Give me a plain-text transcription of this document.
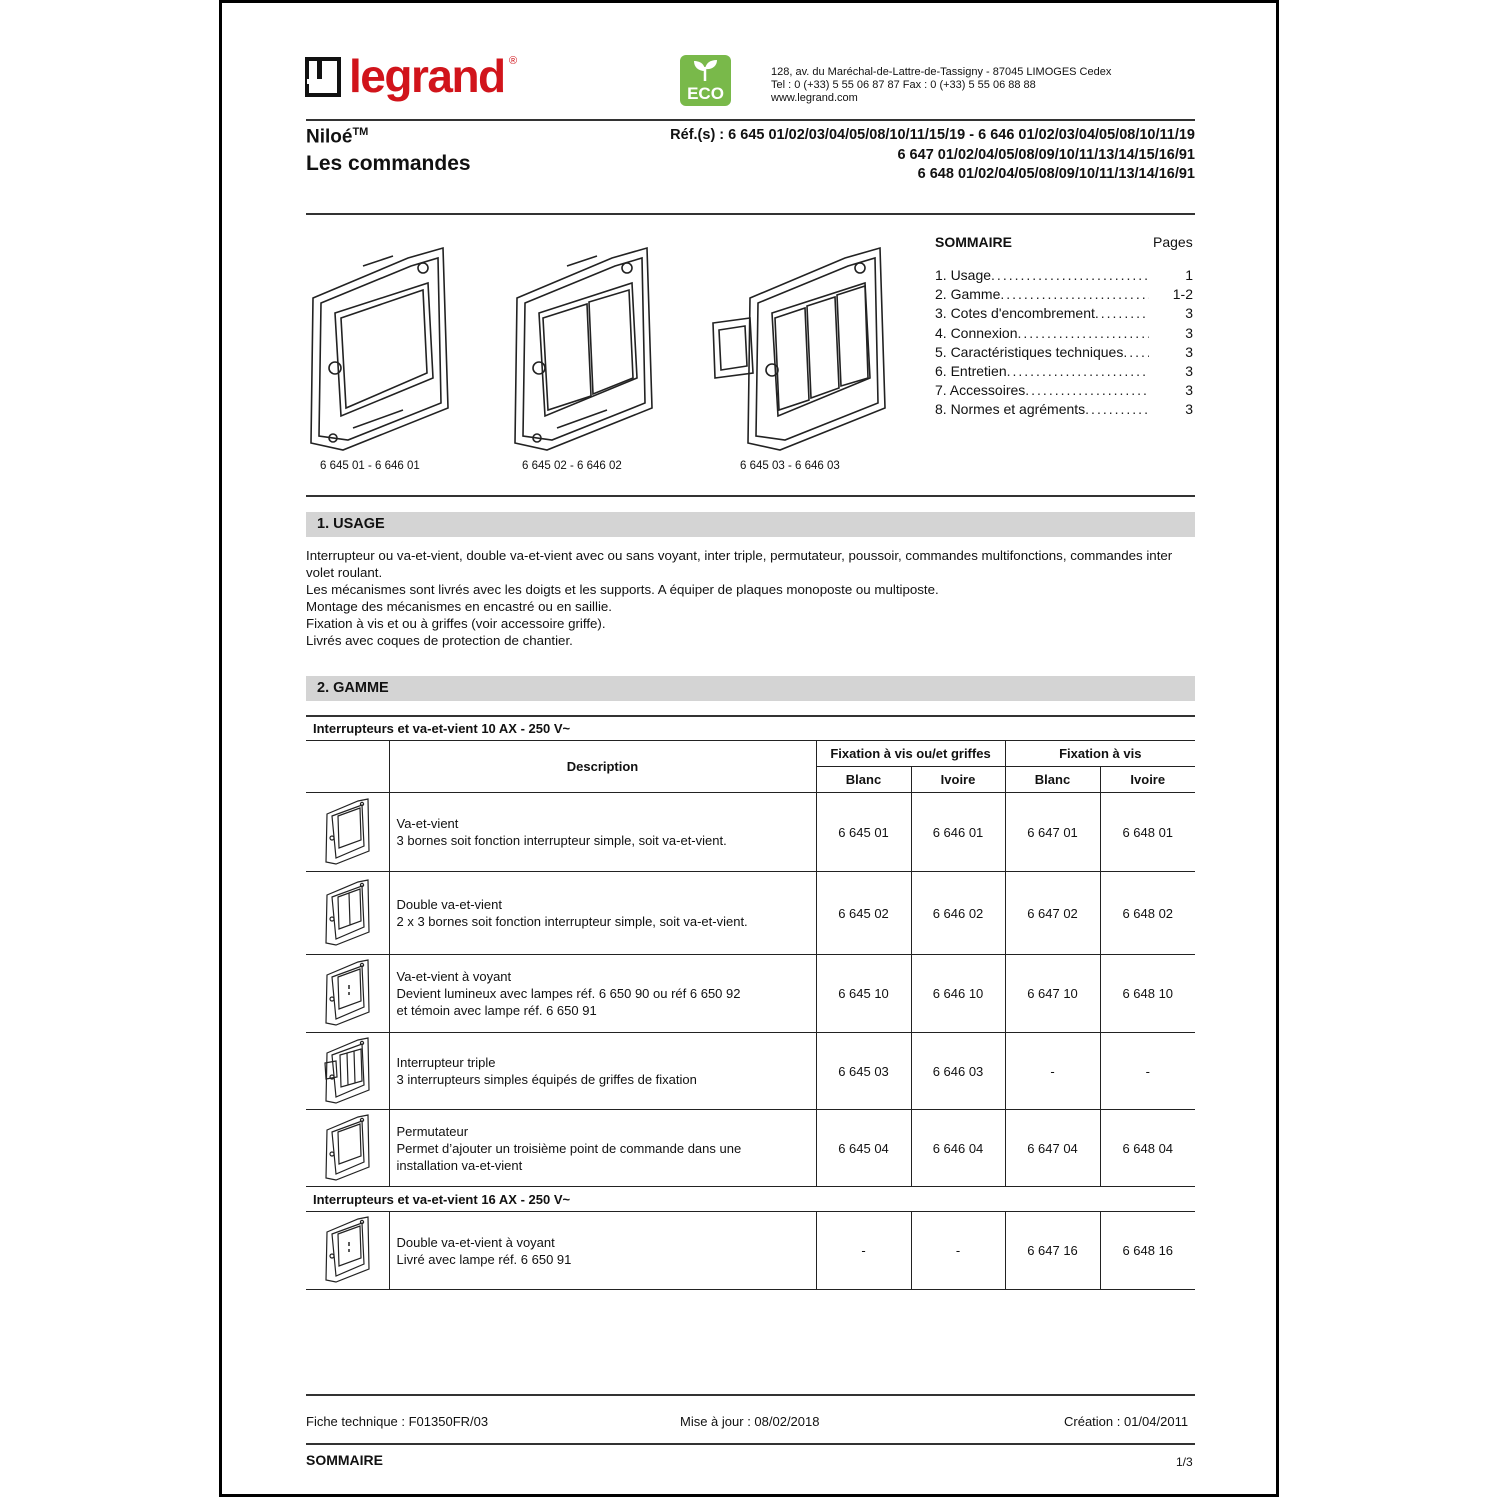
legrand ®
ECO
128, av. du Maréchal-de-Lattre-de-Tassigny - 87045 LIMOGES Cedex
Tel : 0 (+33) 5 55 06 87 87 Fax : 0 (+33) 5 55 06 88 88
www.legrand.com
Niloé™
Les commandes
Réf.(s) : 6 645 01/02/03/04/05/08/10/11/15/19 - 6 646 01/02/03/04/05/08/10/11/19
6 647 01/02/04/05/08/09/10/11/13/14/15/16/91
6 648 01/02/04/05/08/09/10/11/13/14/16/91
6 645 01 - 6 646 01	6 645 02 - 6 646 02	6 645 03 - 6 646 03
SOMMAIRE	Pages
1. Usage .....	1
2. Gamme .....	1-2
3. Cotes d'encombrement .....	3
4. Connexion .....	3
5. Caractéristiques techniques .....	3
6. Entretien .....	3
7. Accessoires .....	3
8. Normes et agréments .....	3
1. USAGE

Interrupteur ou va-et-vient, double va-et-vient avec ou sans voyant, inter triple, permutateur, poussoir, commandes multifonctions, commandes inter volet roulant.

Les mécanismes sont livrés avec les doigts et les supports. A équiper de plaques monoposte ou multiposte.

Montage des mécanismes en encastré ou en saillie.

Fixation à vis et ou à griffes (voir accessoire griffe).

Livrés avec coques de protection de chantier.

2. GAMME
Interrupteurs et va-et-vient 10 AX - 250 V~					
	Description	Fixation à vis ou/et griffes		Fixation à vis	
		Blanc	Ivoire	Blanc	Ivoire

Va-et-vient
3 bornes soit fonction interrupteur simple, soit va-et-vient.	6 645 01	6 646 01	6 647 01	6 648 01

Double va-et-vient
2 x 3 bornes soit fonction interrupteur simple, soit va-et-vient.	6 645 02	6 646 02	6 647 02	6 648 02

Va-et-vient à voyant
Devient lumineux avec lampes réf. 6 650 90 ou réf 6 650 92
et témoin avec lampe réf. 6 650 91	6 645 10	6 646 10	6 647 10	6 648 10

Interrupteur triple
3 interrupteurs simples équipés de griffes de fixation	6 645 03	6 646 03	-	-

Permutateur
Permet d’ajouter un troisième point de commande dans une
installation va-et-vient	6 645 04	6 646 04	6 647 04	6 648 04
Interrupteurs et va-et-vient 16 AX - 250 V~					

Double va-et-vient à voyant
Livré avec lampe réf. 6 650 91	-	-	6 647 16	6 648 16
Fiche technique : F01350FR/03	Mise à jour : 08/02/2018	Création : 01/04/2011
SOMMAIRE	1/3
